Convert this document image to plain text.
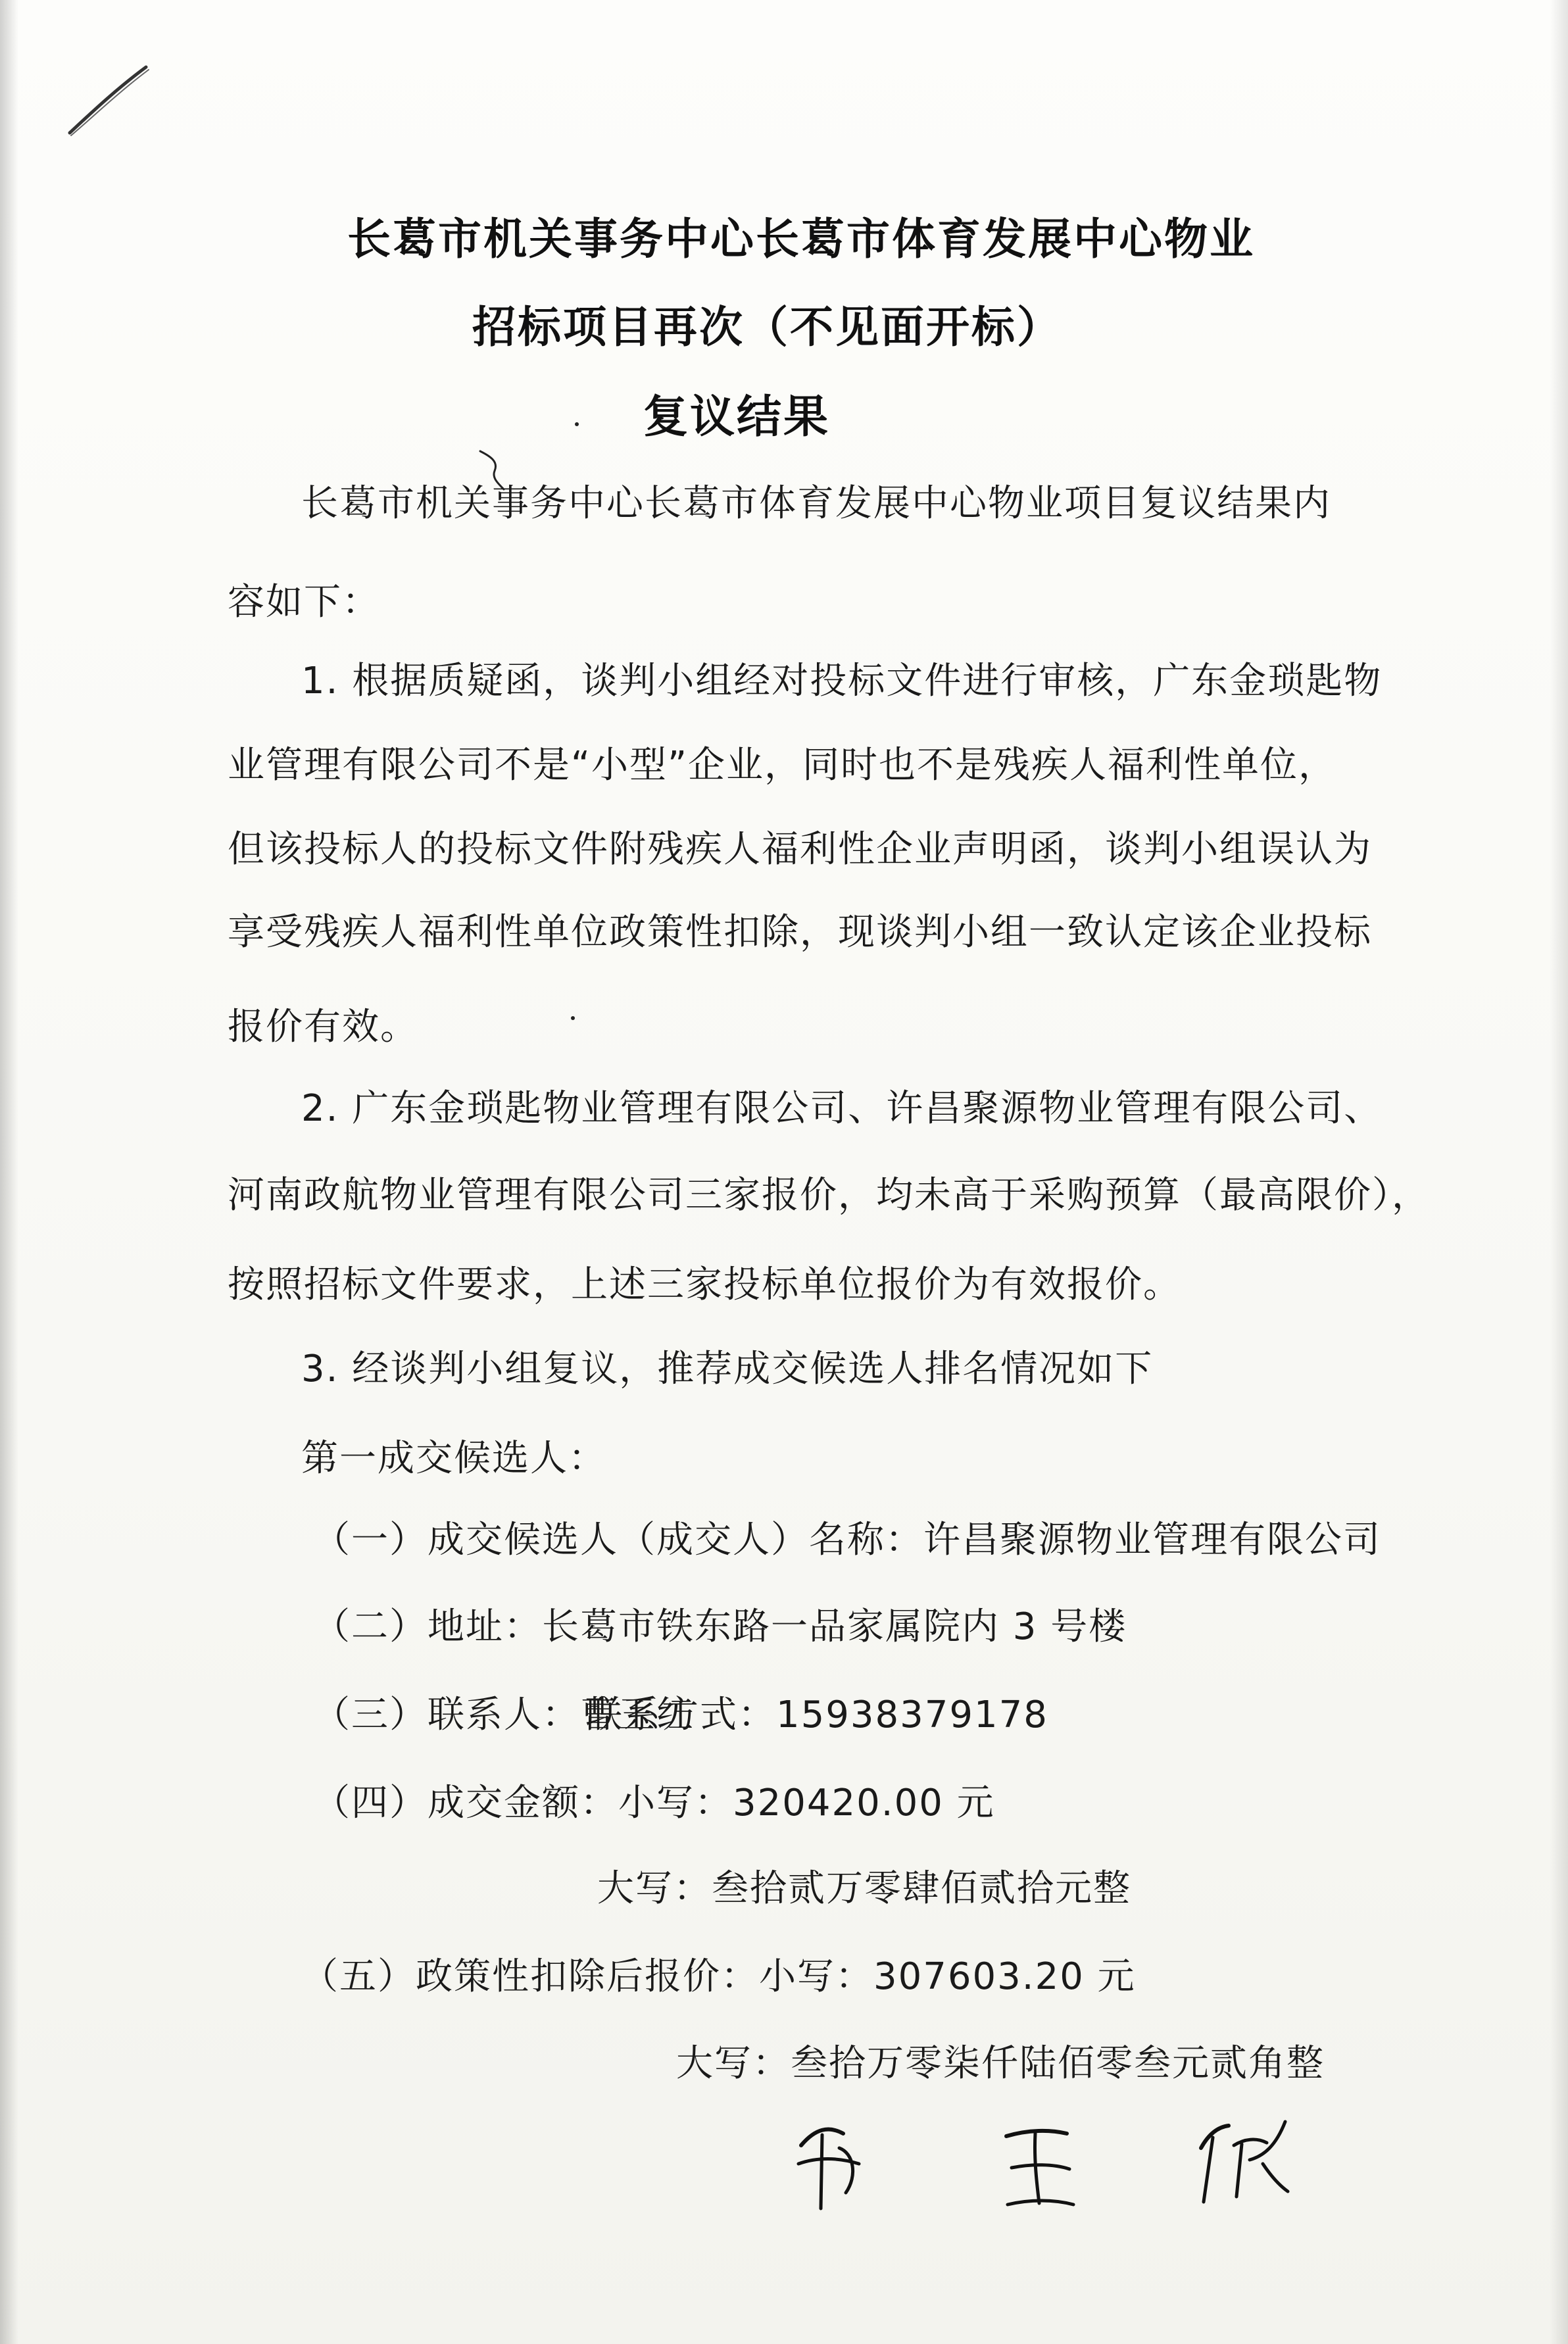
长葛市机关事务中心长葛市体育发展中心物业

招标项目再次（不见面开标）

复议结果

长葛市机关事务中心长葛市体育发展中心物业项目复议结果内

容如下：

1. 根据质疑函，谈判小组经对投标文件进行审核，广东金琐匙物

业管理有限公司不是“小型”企业，同时也不是残疾人福利性单位，

但该投标人的投标文件附残疾人福利性企业声明函，谈判小组误认为

享受残疾人福利性单位政策性扣除，现谈判小组一致认定该企业投标

报价有效。

2. 广东金琐匙物业管理有限公司、许昌聚源物业管理有限公司、

河南政航物业管理有限公司三家报价，均未高于采购预算（最高限价），

按照招标文件要求，上述三家投标单位报价为有效报价。

3. 经谈判小组复议，推荐成交候选人排名情况如下

第一成交候选人：

（一）成交候选人（成交人）名称：许昌聚源物业管理有限公司

（二）地址：长葛市铁东路一品家属院内 3 号楼

（三）联系人：曹玉红

联系方式：15938379178

（四）成交金额：小写：320420.00 元

大写：叁拾贰万零肆佰贰拾元整

（五）政策性扣除后报价：小写：307603.20 元

大写：叁拾万零柒仟陆佰零叁元贰角整
